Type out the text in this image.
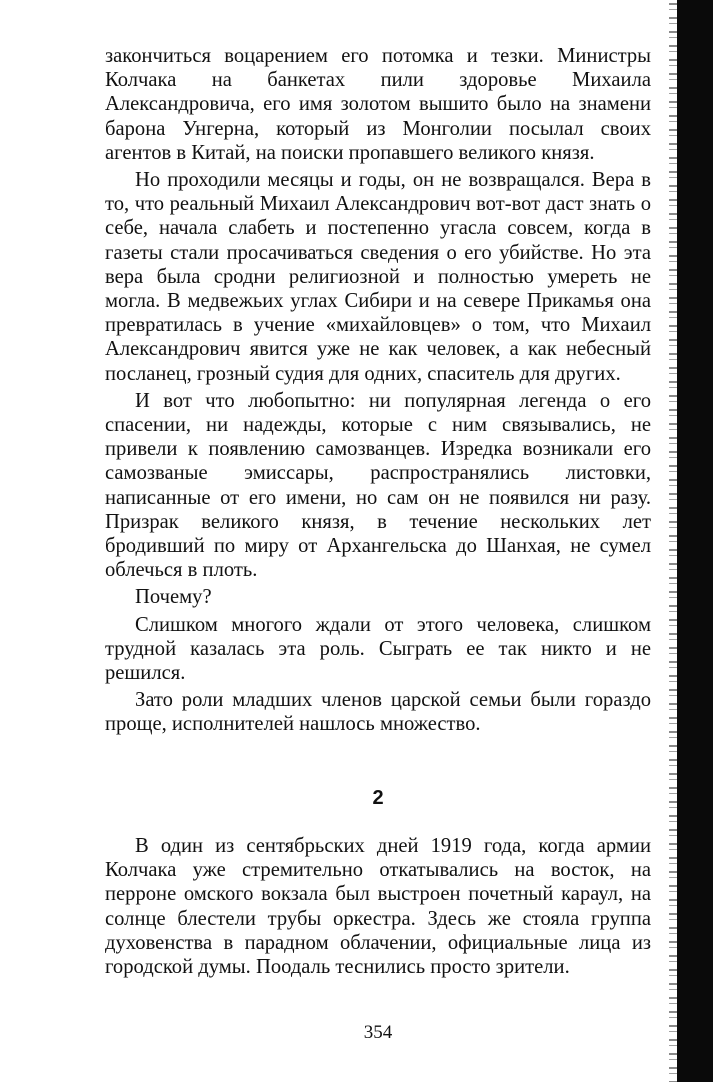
закончиться воцарением его потомка и тезки. Министры Колчака на банкетах пили здоровье Михаила Александровича, его имя золотом вышито было на знамени барона Унгерна, который из Монголии посылал своих агентов в Китай, на поиски пропавшего великого князя.

Но проходили месяцы и годы, он не возвращался. Вера в то, что реальный Михаил Александрович вот-вот даст знать о себе, начала слабеть и постепенно угасла совсем, когда в газеты стали просачиваться сведения о его убийстве. Но эта вера была сродни религиозной и полностью умереть не могла. В медвежьих углах Сибири и на севере Прикамья она превратилась в учение «михайловцев» о том, что Михаил Александрович явится уже не как человек, а как небесный посланец, грозный судия для одних, спаситель для других.

И вот что любопытно: ни популярная легенда о его спасении, ни надежды, которые с ним связывались, не привели к появлению самозванцев. Изредка возникали его самозваные эмиссары, распространялись листовки, написанные от его имени, но сам он не появился ни разу. Призрак великого князя, в течение нескольких лет бродивший по миру от Архангельска до Шанхая, не сумел облечься в плоть.

Почему?

Слишком многого ждали от этого человека, слишком трудной казалась эта роль. Сыграть ее так никто и не решился.

Зато роли младших членов царской семьи были гораздо проще, исполнителей нашлось множество.

2

В один из сентябрьских дней 1919 года, когда армии Колчака уже стремительно откатывались на восток, на перроне омского вокзала был выстроен почетный караул, на солнце блестели трубы оркестра. Здесь же стояла группа духовенства в парадном облачении, официальные лица из городской думы. Поодаль теснились просто зрители.

354
